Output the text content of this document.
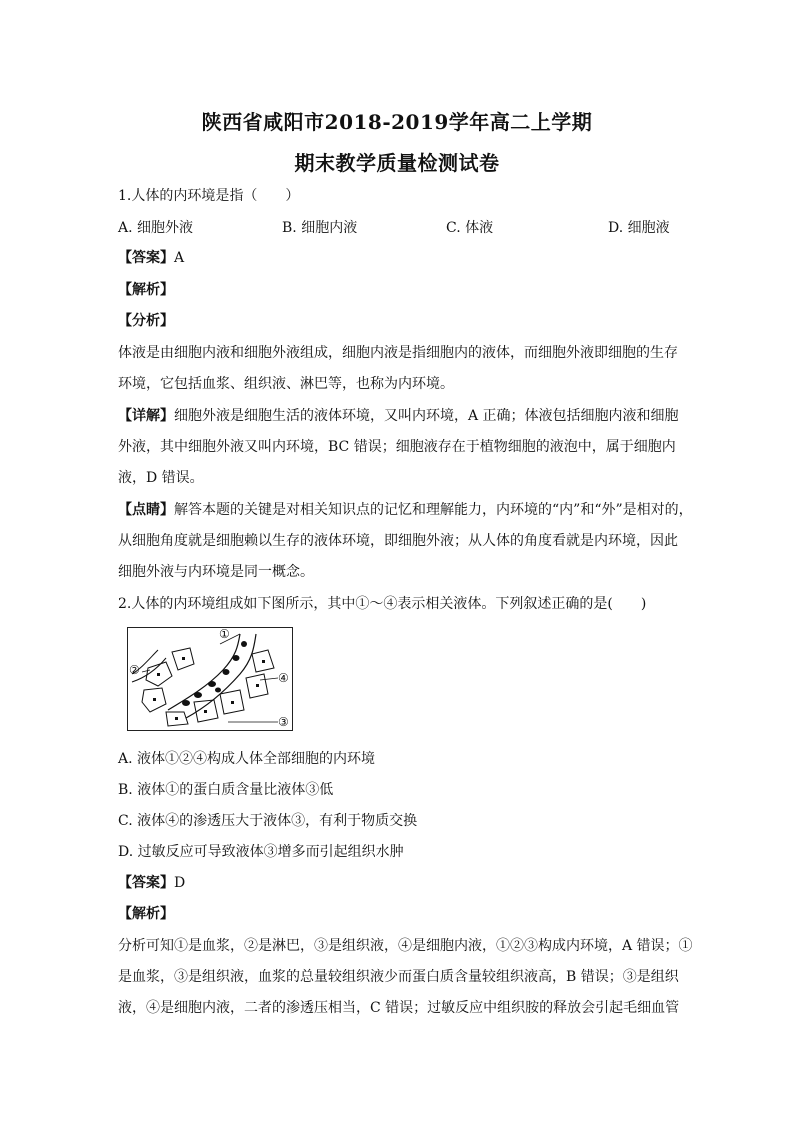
陕西省咸阳市2018-2019学年高二上学期
期末教学质量检测试卷
1.人体的内环境是指（　　）
A. 细胞外液	B. 细胞内液	C. 体液	D. 细胞液
【答案】A
【解析】
【分析】
体液是由细胞内液和细胞外液组成，细胞内液是指细胞内的液体，而细胞外液即细胞的生存
环境，它包括血浆、组织液、淋巴等，也称为内环境。
【详解】细胞外液是细胞生活的液体环境，又叫内环境，A 正确；体液包括细胞内液和细胞
外液，其中细胞外液又叫内环境，BC 错误；细胞液存在于植物细胞的液泡中，属于细胞内
液，D 错误。
【点睛】解答本题的关键是对相关知识点的记忆和理解能力，内环境的“内”和“外”是相对的，
从细胞角度就是细胞赖以生存的液体环境，即细胞外液；从人体的角度看就是内环境，因此
细胞外液与内环境是同一概念。
2.人体的内环境组成如下图所示，其中①～④表示相关液体。下列叙述正确的是(　　)
①
②
③
④
A. 液体①②④构成人体全部细胞的内环境
B. 液体①的蛋白质含量比液体③低
C. 液体④的渗透压大于液体③，有利于物质交换
D. 过敏反应可导致液体③增多而引起组织水肿
【答案】D
【解析】
分析可知①是血浆，②是淋巴，③是组织液，④是细胞内液，①②③构成内环境，A 错误；①
是血浆，③是组织液，血浆的总量较组织液少而蛋白质含量较组织液高，B 错误；③是组织
液，④是细胞内液，二者的渗透压相当，C 错误；过敏反应中组织胺的释放会引起毛细血管
